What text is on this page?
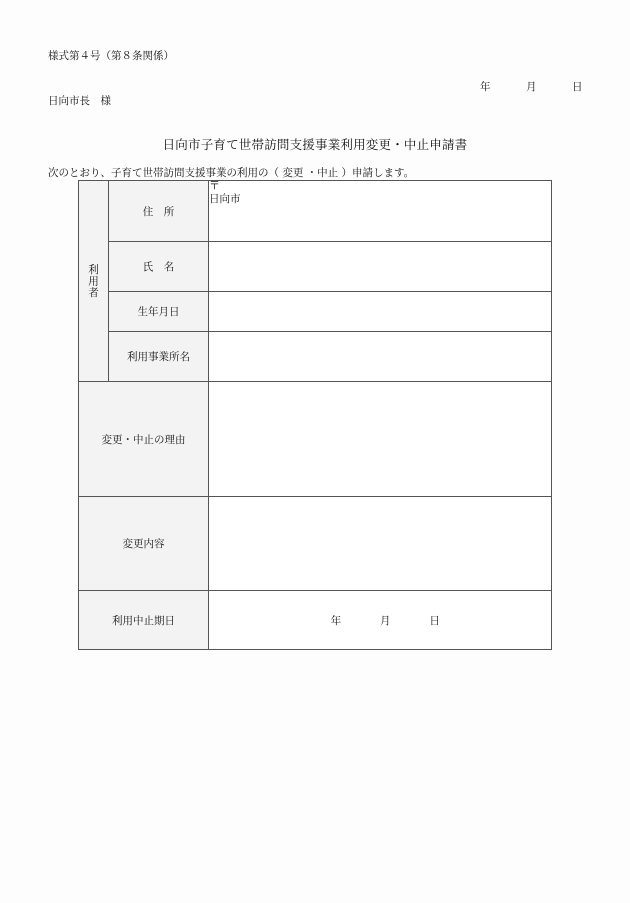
様式第４号（第８条関係）
年	月	日
日向市長　様
日向市子育て世帯訪問支援事業利用変更・中止申請書
次のとおり、子育て世帯訪問支援事業の利用の（ 変更 ・中止 ）申請します。
利用者	住　所	〒
日向市
	氏　名	
	生年月日	
	利用事業所名	
変更・中止の理由		
変更内容		
利用中止期日		年 月 日
